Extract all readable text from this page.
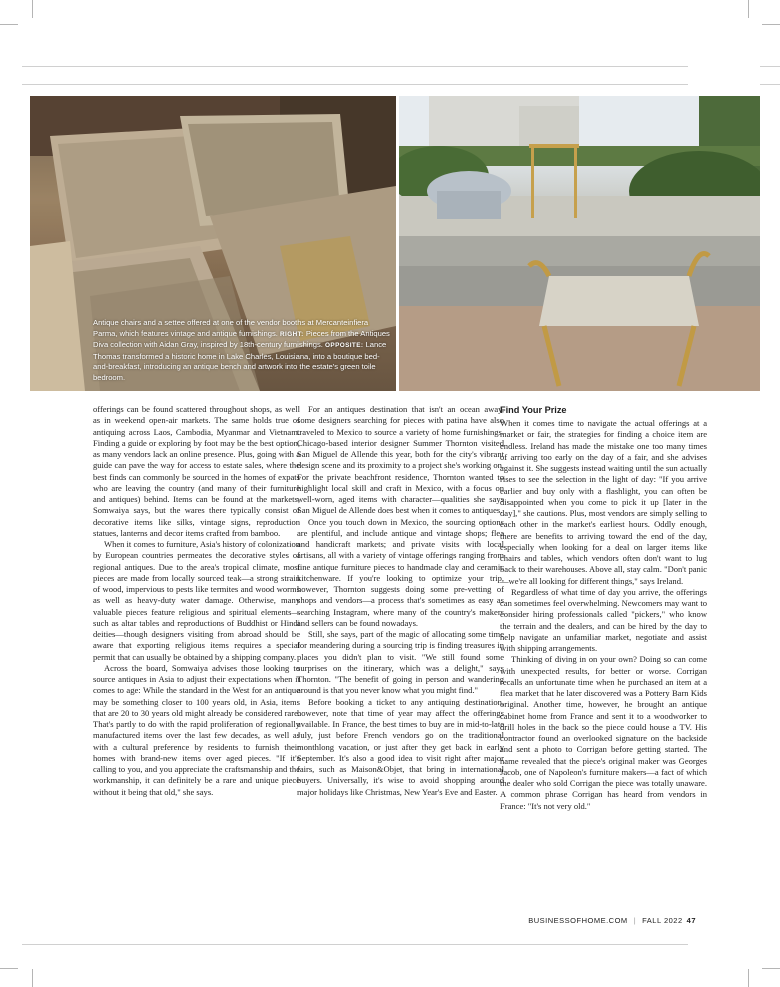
Antique chairs and a settee offered at one of the vendor booths at Mercanteinfiera Parma, which features vintage and antique furnishings. RIGHT: Pieces from the Antiques Diva collection with Aidan Gray, inspired by 18th-century furnishings. OPPOSITE: Lance Thomas transformed a historic home in Lake Charles, Louisiana, into a boutique bed-and-breakfast, introducing an antique bench and artwork into the estate's green toile bedroom.

offerings can be found scattered throughout shops, as well as in weekend open-air markets. The same holds true of antiquing across Laos, Cambodia, Myanmar and Vietnam. Finding a guide or exploring by foot may be the best option, as many vendors lack an online presence. Plus, going with a guide can pave the way for access to estate sales, where the best finds can commonly be sourced in the homes of expats who are leaving the country (and many of their furniture and antiques) behind. Items can be found at the markets, Somwaiya says, but the wares there typically consist of decorative items like silks, vintage signs, reproduction statues, lanterns and decor items crafted from bamboo.

When it comes to furniture, Asia's history of colonization by European countries permeates the decorative styles of regional antiques. Due to the area's tropical climate, most pieces are made from locally sourced teak—a strong strain of wood, impervious to pests like termites and wood worms as well as heavy-duty water damage. Otherwise, many valuable pieces feature religious and spiritual elements—such as altar tables and reproductions of Buddhist or Hindi deities—though designers visiting from abroad should be aware that exporting religious items requires a special permit that can usually be obtained by a shipping company.

Across the board, Somwaiya advises those looking to source antiques in Asia to adjust their expectations when it comes to age: While the standard in the West for an antique may be something closer to 100 years old, in Asia, items that are 20 to 30 years old might already be considered rare. That's partly to do with the rapid proliferation of regionally manufactured items over the last few decades, as well as with a cultural preference by residents to furnish their homes with brand-new items over aged pieces. "If it's calling to you, and you appreciate the craftsmanship and the workmanship, it can definitely be a rare and unique piece without it being that old," she says.

For an antiques destination that isn't an ocean away, some designers searching for pieces with patina have also traveled to Mexico to source a variety of home furnishings. Chicago-based interior designer Summer Thornton visited San Miguel de Allende this year, both for the city's vibrant design scene and its proximity to a project she's working on. For the private beachfront residence, Thornton wanted to highlight local skill and craft in Mexico, with a focus on well-worn, aged items with character—qualities she says San Miguel de Allende does best when it comes to antiques.

Once you touch down in Mexico, the sourcing options are plentiful, and include antique and vintage shops; flea and handicraft markets; and private visits with local artisans, all with a variety of vintage offerings ranging from fine antique furniture pieces to handmade clay and ceramic kitchenware. If you're looking to optimize your trip, however, Thornton suggests doing some pre-vetting of shops and vendors—a process that's sometimes as easy as searching Instagram, where many of the country's makers and sellers can be found nowadays.

Still, she says, part of the magic of allocating some time for meandering during a sourcing trip is finding treasures in places you didn't plan to visit. "We still found some surprises on the itinerary, which was a delight," says Thornton. "The benefit of going in person and wandering around is that you never know what you might find."

Before booking a ticket to any antiquing destination, however, note that time of year may affect the offerings available. In France, the best times to buy are in mid-to-late July, just before French vendors go on the traditional monthlong vacation, or just after they get back in early September. It's also a good idea to visit right after major fairs, such as Maison&Objet, that bring in international buyers. Universally, it's wise to avoid shopping around major holidays like Christmas, New Year's Eve and Easter.

Find Your Prize

When it comes time to navigate the actual offerings at a market or fair, the strategies for finding a choice item are endless. Ireland has made the mistake one too many times of arriving too early on the day of a fair, and she advises against it. She suggests instead waiting until the sun actually rises to see the selection in the light of day: "If you arrive earlier and buy only with a flashlight, you can often be disappointed when you come to pick it up [later in the day]," she cautions. Plus, most vendors are simply selling to each other in the market's earliest hours. Oddly enough, there are benefits to arriving toward the end of the day, especially when looking for a deal on larger items like chairs and tables, which vendors often don't want to lug back to their warehouses. Above all, stay calm. "Don't panic—we're all looking for different things," says Ireland.

Regardless of what time of day you arrive, the offerings can sometimes feel overwhelming. Newcomers may want to consider hiring professionals called "pickers," who know the terrain and the dealers, and can be hired by the day to help navigate an unfamiliar market, negotiate and assist with shipping arrangements.

Thinking of diving in on your own? Doing so can come with unexpected results, for better or worse. Corrigan recalls an unfortunate time when he purchased an item at a flea market that he later discovered was a Pottery Barn Kids original. Another time, however, he brought an antique cabinet home from France and sent it to a woodworker to drill holes in the back so the piece could house a TV. His contractor found an overlooked signature on the backside and sent a photo to Corrigan before getting started. The name revealed that the piece's original maker was Georges Jacob, one of Napoleon's furniture makers—a fact of which the dealer who sold Corrigan the piece was totally unaware. A common phrase Corrigan has heard from vendors in France: "It's not very old."

BUSINESSOFHOME.COM | FALL 2022 47
